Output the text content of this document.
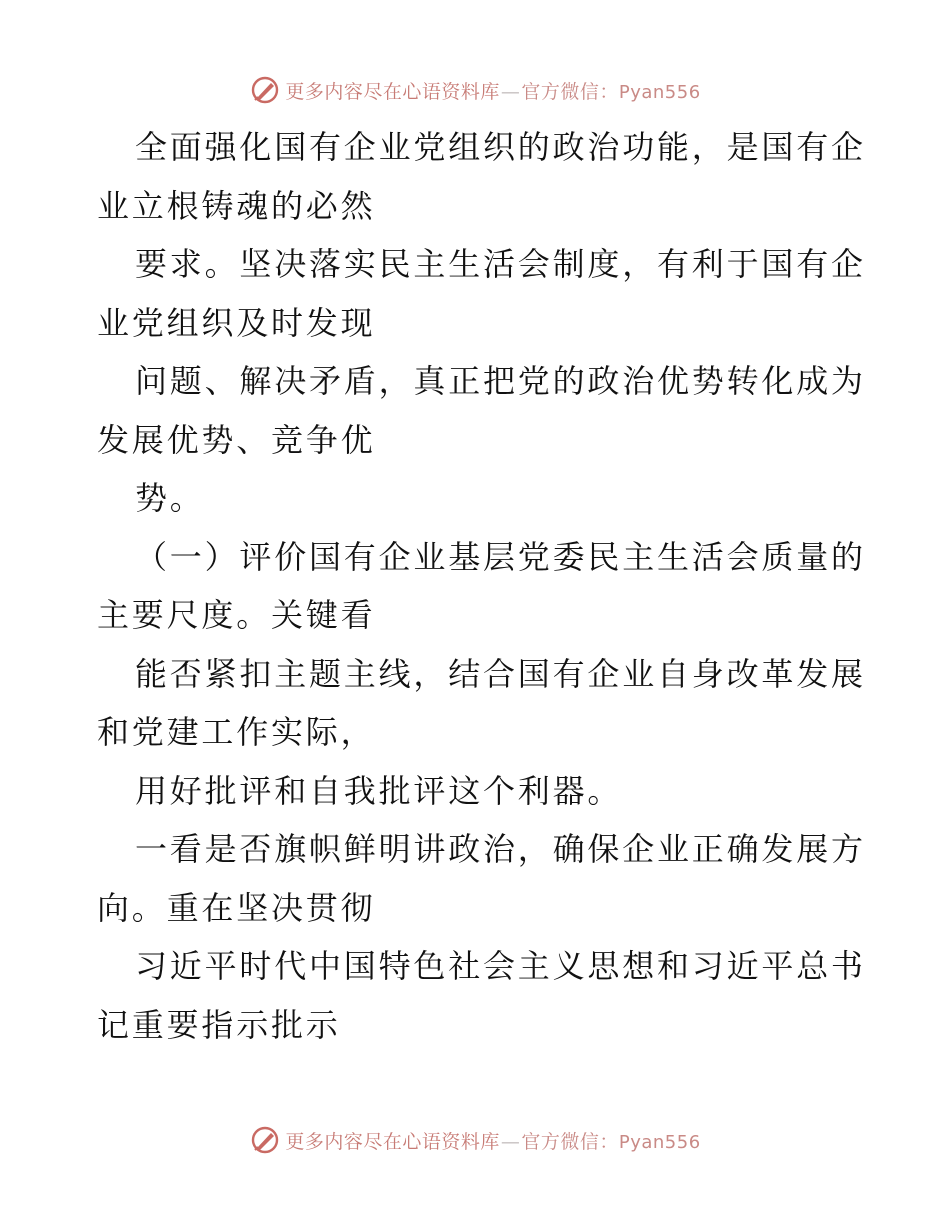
更多内容尽在心语资料库—官方微信：Pyan556
全面强化国有企业党组织的政治功能，是国有企
业立根铸魂的必然
要求。坚决落实民主生活会制度，有利于国有企
业党组织及时发现
问题、解决矛盾，真正把党的政治优势转化成为
发展优势、竞争优
势。
（一）评价国有企业基层党委民主生活会质量的
主要尺度。关键看
能否紧扣主题主线，结合国有企业自身改革发展
和党建工作实际，
用好批评和自我批评这个利器。
一看是否旗帜鲜明讲政治，确保企业正确发展方
向。重在坚决贯彻
习近平时代中国特色社会主义思想和习近平总书
记重要指示批示
更多内容尽在心语资料库—官方微信：Pyan556
